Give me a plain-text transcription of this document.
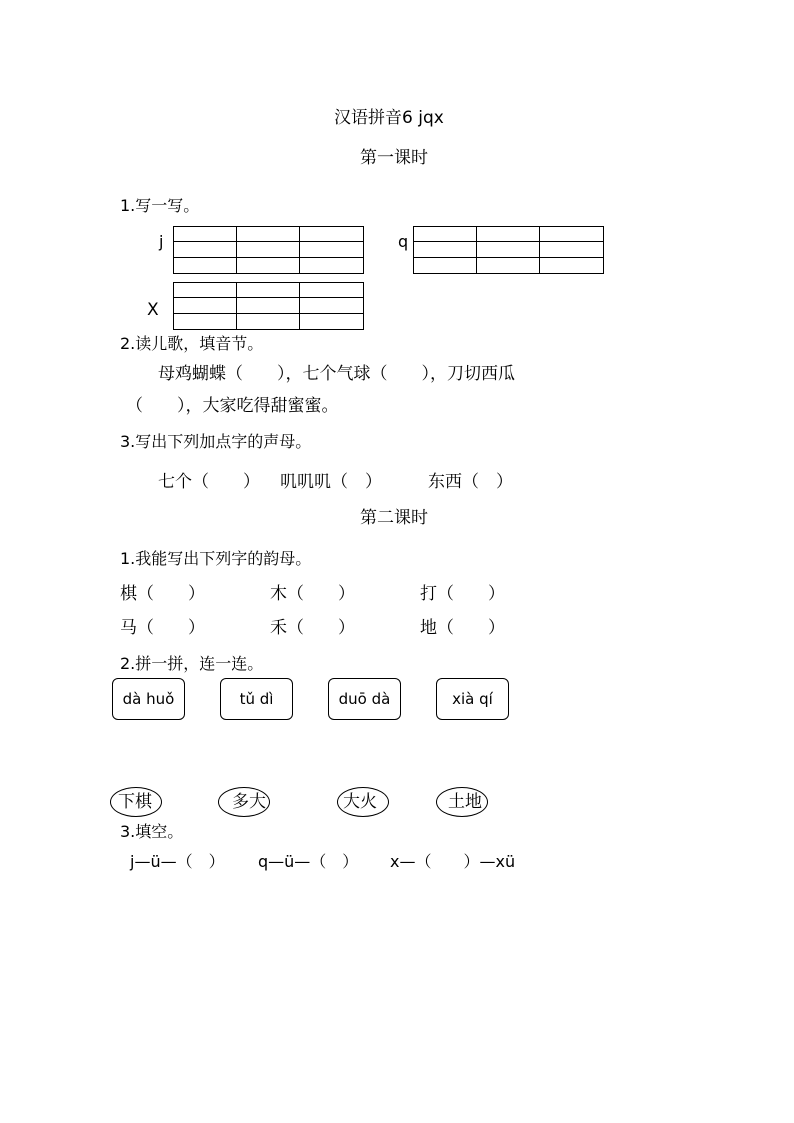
汉语拼音6 jqx
第一课时
1.写一写。
j	q
X
2.读儿歌，填音节。
母鸡蝴蝶（　　），七个气球（　　），刀切西瓜
（　　），大家吃得甜蜜蜜。
3.写出下列加点字的声母。
七个（　　） 叽叽叽（　）	东西（　）
第二课时
1.我能写出下列字的韵母。
棋（　　）	木（　　）	打（　　）
马（　　）	禾（　　）	地（　　）
2.拼一拼，连一连。
dà huǒ	tǔ dì	duō dà	xià qí
下棋	多大	大火	土地
3.填空。
j—ü—（　） q—ü—（　） x—（　　）—xü
